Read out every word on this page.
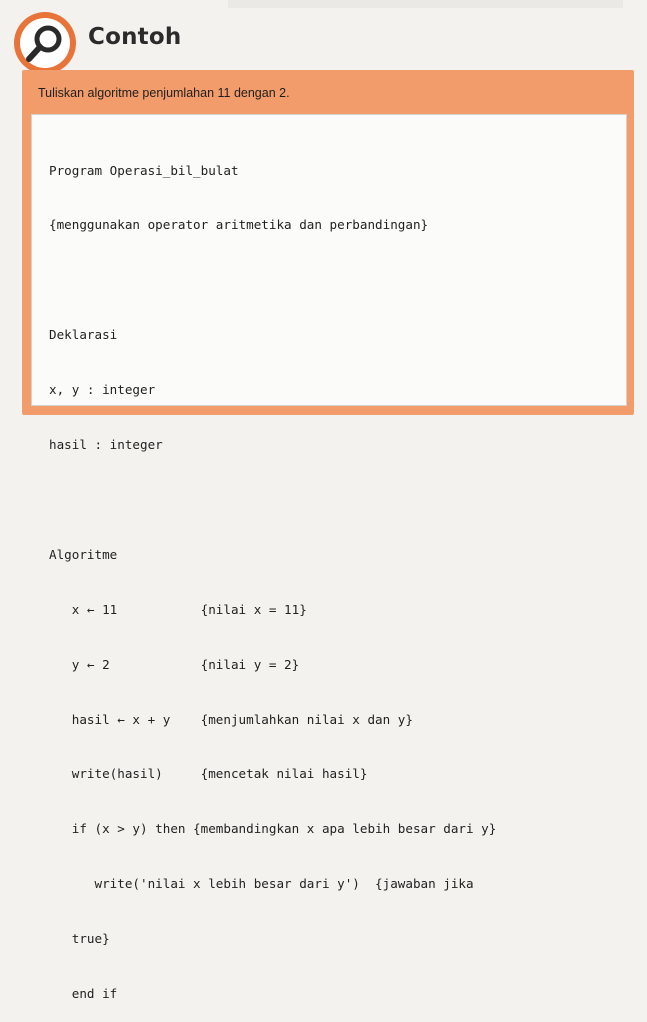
Contoh
Tuliskan algoritme penjumlahan 11 dengan 2.

Program Operasi_bil_bulat

{menggunakan operator aritmetika dan perbandingan}

Deklarasi

x, y : integer

hasil : integer

Algoritme

x ← 11           {nilai x = 11}

y ← 2            {nilai y = 2}

hasil ← x + y    {menjumlahkan nilai x dan y}

write(hasil)     {mencetak nilai hasil}

if (x > y) then {membandingkan x apa lebih besar dari y}

write('nilai x lebih besar dari y')  {jawaban jika

true}

end if
